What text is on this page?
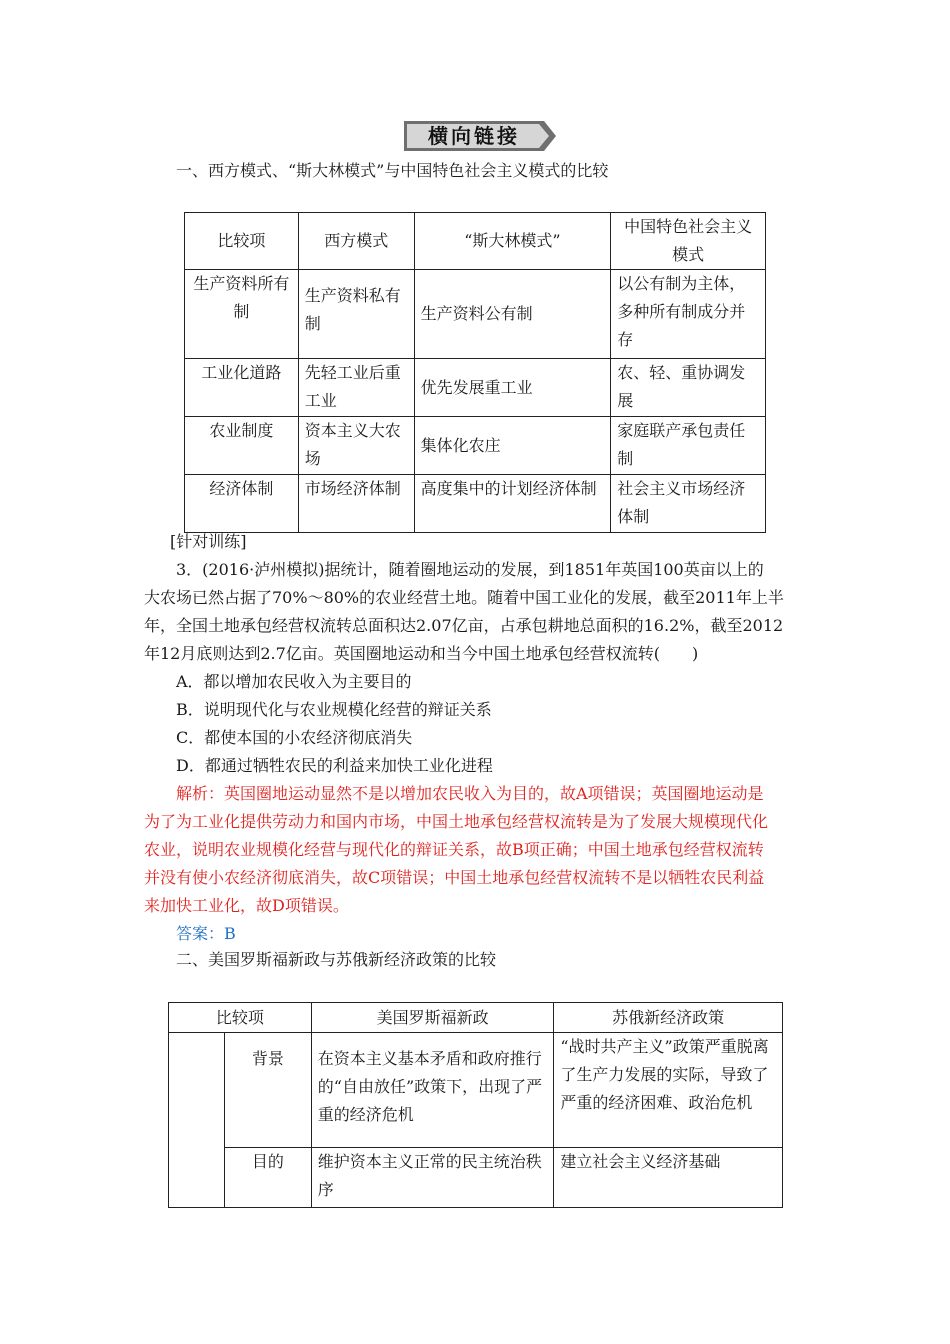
横向链接
一、西方模式、“斯大林模式”与中国特色社会主义模式的比较
比较项	西方模式	“斯大林模式”	中国特色社会主义模式
生产资料所有制	生产资料私有制	生产资料公有制	以公有制为主体，多种所有制成分并存
工业化道路	先轻工业后重工业	优先发展重工业	农、轻、重协调发展
农业制度	资本主义大农场	集体化农庄	家庭联产承包责任制
经济体制	市场经济体制	高度集中的计划经济体制	社会主义市场经济体制
[针对训练]
3．(2016·泸州模拟)据统计，随着圈地运动的发展，到1851年英国100英亩以上的
大农场已然占据了70%～80%的农业经营土地。随着中国工业化的发展，截至2011年上半
年，全国土地承包经营权流转总面积达2.07亿亩，占承包耕地总面积的16.2%，截至2012
年12月底则达到2.7亿亩。英国圈地运动和当今中国土地承包经营权流转(　　)
A．都以增加农民收入为主要目的
B．说明现代化与农业规模化经营的辩证关系
C．都使本国的小农经济彻底消失
D．都通过牺牲农民的利益来加快工业化进程
解析：英国圈地运动显然不是以增加农民收入为目的，故A项错误；英国圈地运动是
为了为工业化提供劳动力和国内市场，中国土地承包经营权流转是为了发展大规模现代化
农业，说明农业规模化经营与现代化的辩证关系，故B项正确；中国土地承包经营权流转
并没有使小农经济彻底消失，故C项错误；中国土地承包经营权流转不是以牺牲农民利益
来加快工业化，故D项错误。
答案：B
二、美国罗斯福新政与苏俄新经济政策的比较
比较项		美国罗斯福新政	苏俄新经济政策
	背景	在资本主义基本矛盾和政府推行的“自由放任”政策下，出现了严重的经济危机	“战时共产主义”政策严重脱离了生产力发展的实际，导致了严重的经济困难、政治危机
	目的	维护资本主义正常的民主统治秩序	建立社会主义经济基础
